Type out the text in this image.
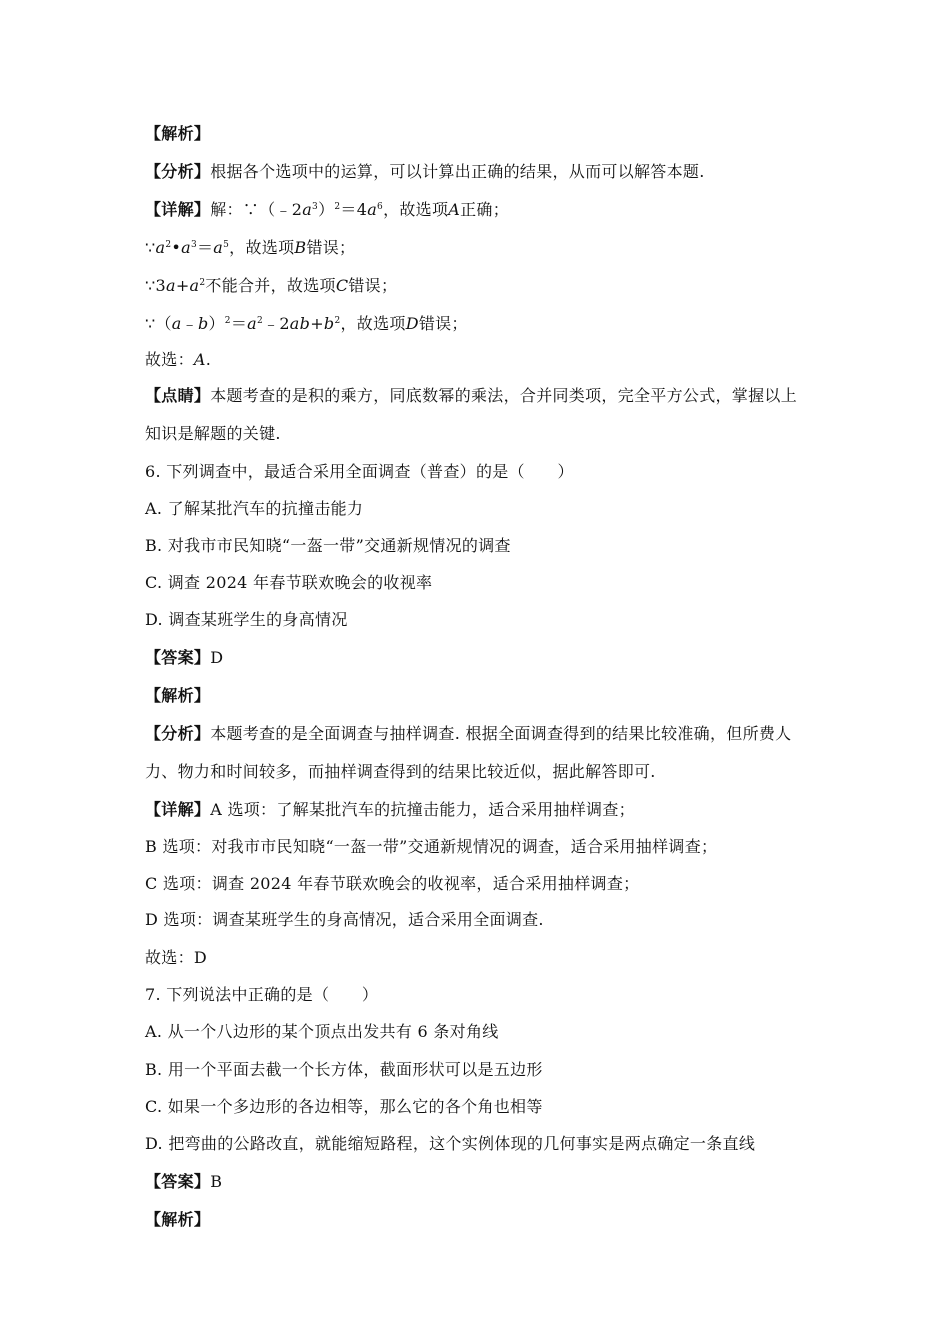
【解析】
【分析】根据各个选项中的运算，可以计算出正确的结果，从而可以解答本题.
【详解】解：$\because(﹣2a^3)^2=4a^6$，故选项A正确；
$\because a^2•a^3=a^5$，故选项B错误；
$\because 3a+a^2$不能合并，故选项C错误；
$\because(a﹣b)^2=a^2﹣2ab+b^2$，故选项D错误；
故选：A.
【点睛】本题考查的是积的乘方，同底数幂的乘法，合并同类项，完全平方公式，掌握以上
知识是解题的关键.
6. 下列调查中，最适合采用全面调查（普查）的是（　　）
A. 了解某批汽车的抗撞击能力
B. 对我市市民知晓“一盔一带”交通新规情况的调查
C. 调查 2024 年春节联欢晚会的收视率
D. 调查某班学生的身高情况
【答案】D
【解析】
【分析】本题考查的是全面调查与抽样调查. 根据全面调查得到的结果比较准确，但所费人
力、物力和时间较多，而抽样调查得到的结果比较近似，据此解答即可.
【详解】A 选项：了解某批汽车的抗撞击能力，适合采用抽样调查；
B 选项：对我市市民知晓“一盔一带”交通新规情况的调查，适合采用抽样调查；
C 选项：调查 2024 年春节联欢晚会的收视率，适合采用抽样调查；
D 选项：调查某班学生的身高情况，适合采用全面调查.
故选：D
7. 下列说法中正确的是（　　）
A. 从一个八边形的某个顶点出发共有 6 条对角线
B. 用一个平面去截一个长方体，截面形状可以是五边形
C. 如果一个多边形的各边相等，那么它的各个角也相等
D. 把弯曲的公路改直，就能缩短路程，这个实例体现的几何事实是两点确定一条直线
【答案】B
【解析】
